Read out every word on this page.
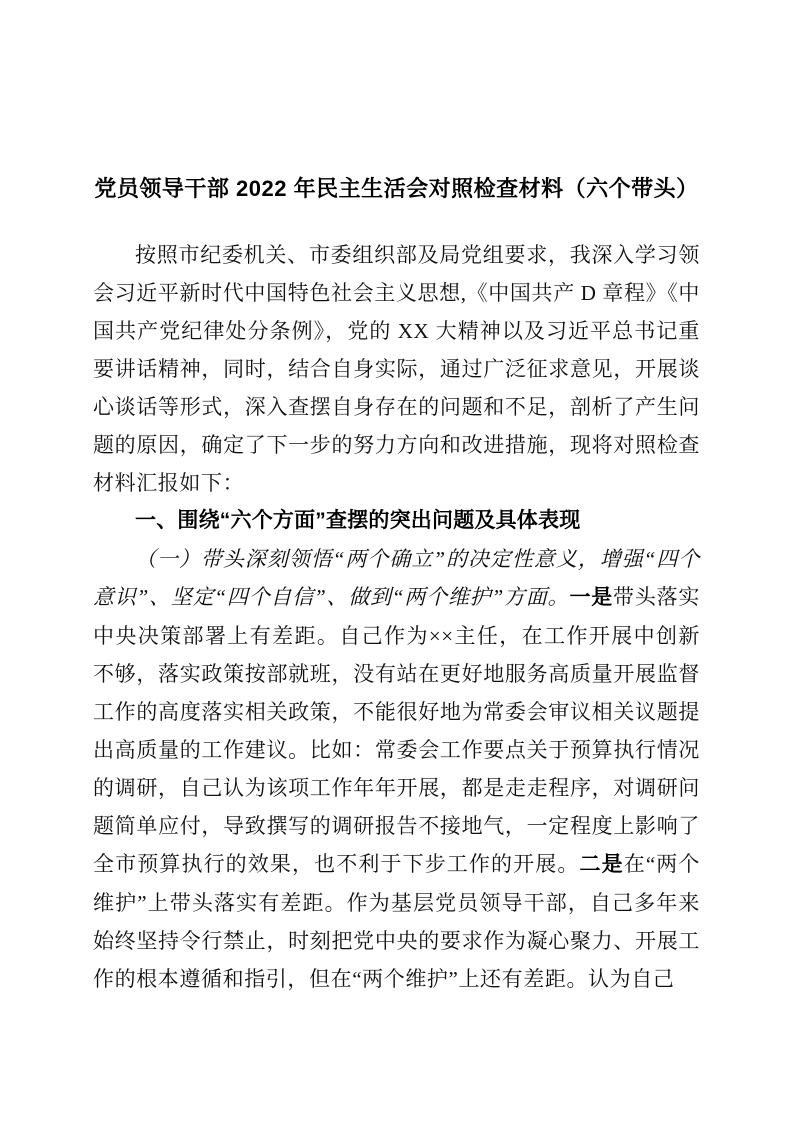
党员领导干部 2022 年民主生活会对照检查材料（六个带头）

按照市纪委机关、市委组织部及局党组要求，我深入学习领会习近平新时代中国特色社会主义思想,《中国共产 D 章程》《中国共产党纪律处分条例》，党的 XX 大精神以及习近平总书记重要讲话精神，同时，结合自身实际，通过广泛征求意见，开展谈心谈话等形式，深入查摆自身存在的问题和不足，剖析了产生问题的原因，确定了下一步的努力方向和改进措施，现将对照检查材料汇报如下：

一、围绕“六个方面”查摆的突出问题及具体表现

（一）带头深刻领悟“两个确立”的决定性意义，增强“四个意识”、坚定“四个自信”、做到“两个维护”方面。一是带头落实中央决策部署上有差距。自己作为××主任，在工作开展中创新不够，落实政策按部就班，没有站在更好地服务高质量开展监督工作的高度落实相关政策，不能很好地为常委会审议相关议题提出高质量的工作建议。比如：常委会工作要点关于预算执行情况的调研，自己认为该项工作年年开展，都是走走程序，对调研问题简单应付，导致撰写的调研报告不接地气，一定程度上影响了全市预算执行的效果，也不利于下步工作的开展。二是在“两个维护”上带头落实有差距。作为基层党员领导干部，自己多年来始终坚持令行禁止，时刻把党中央的要求作为凝心聚力、开展工作的根本遵循和指引，但在“两个维护”上还有差距。认为自己
